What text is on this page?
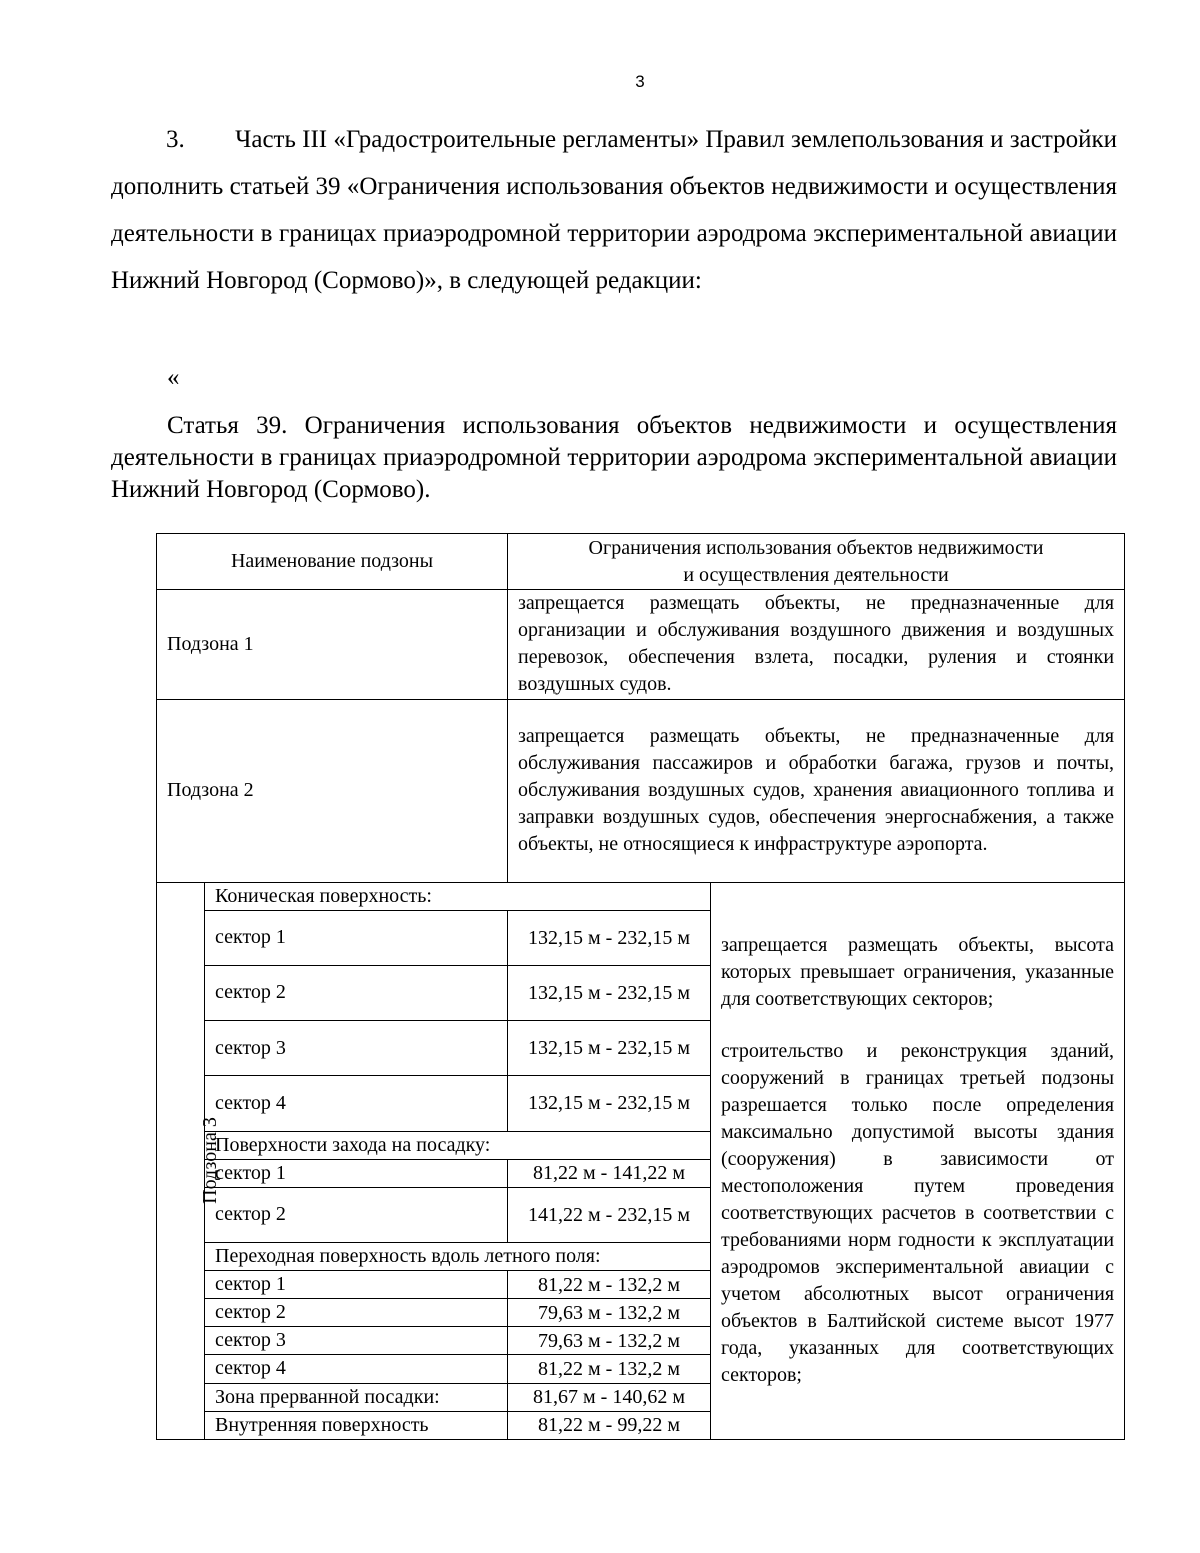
3

3.        Часть III «Градостроительные регламенты» Правил землепользования и застройки дополнить статьей 39 «Ограничения использования объектов недвижимости и осуществления деятельности в границах приаэродромной территории аэродрома экспериментальной авиации Нижний Новгород (Сормово)», в следующей редакции:

«
Статья 39. Ограничения использования объектов недвижимости и осуществления деятельности в границах приаэродромной территории аэродрома экспериментальной авиации Нижний Новгород (Сормово).
Наименование подзоны		Ограничения использования объектов недвижимости
и осуществления деятельности	
Подзона 1		запрещается размещать объекты, не предназначенные для организации и обслуживания воздушного движения и воздушных перевозок, обеспечения взлета, посадки, руления и стоянки воздушных судов.	
Подзона 2		запрещается размещать объекты, не предназначенные для обслуживания пассажиров и обработки багажа, грузов и почты, обслуживания воздушных судов, хранения авиационного топлива и заправки воздушных судов, обеспечения энергоснабжения, а также объекты, не относящиеся к инфраструктуре аэропорта.	
Подзона 3	Коническая поверхность:		запрещается размещать объекты, высота которых превышает ограничения, указанные для соответствующих секторов;

строительство и реконструкция зданий, сооружений в границах третьей подзоны разрешается только после определения максимально допустимой высоты здания (сооружения) в зависимости от местоположения путем проведения соответствующих расчетов в соответствии с требованиями норм годности к эксплуатации аэродромов экспериментальной авиации с учетом абсолютных высот ограничения объектов в Балтийской системе высот 1977 года, указанных для соответствующих секторов;

	сектор 1	132,15 м - 232,15 м	
	сектор 2	132,15 м - 232,15 м	
	сектор 3	132,15 м - 232,15 м	
	сектор 4	132,15 м - 232,15 м	
	Поверхности захода на посадку:		
	сектор 1	81,22 м - 141,22 м	
	сектор 2	141,22 м - 232,15 м	
	Переходная поверхность вдоль летного поля:		
	сектор 1	81,22 м - 132,2 м	
	сектор 2	79,63 м - 132,2 м	
	сектор 3	79,63 м - 132,2 м	
	сектор 4	81,22 м - 132,2 м	
	Зона прерванной посадки:	81,67 м - 140,62 м	
	Внутренняя поверхность	81,22 м - 99,22 м	
